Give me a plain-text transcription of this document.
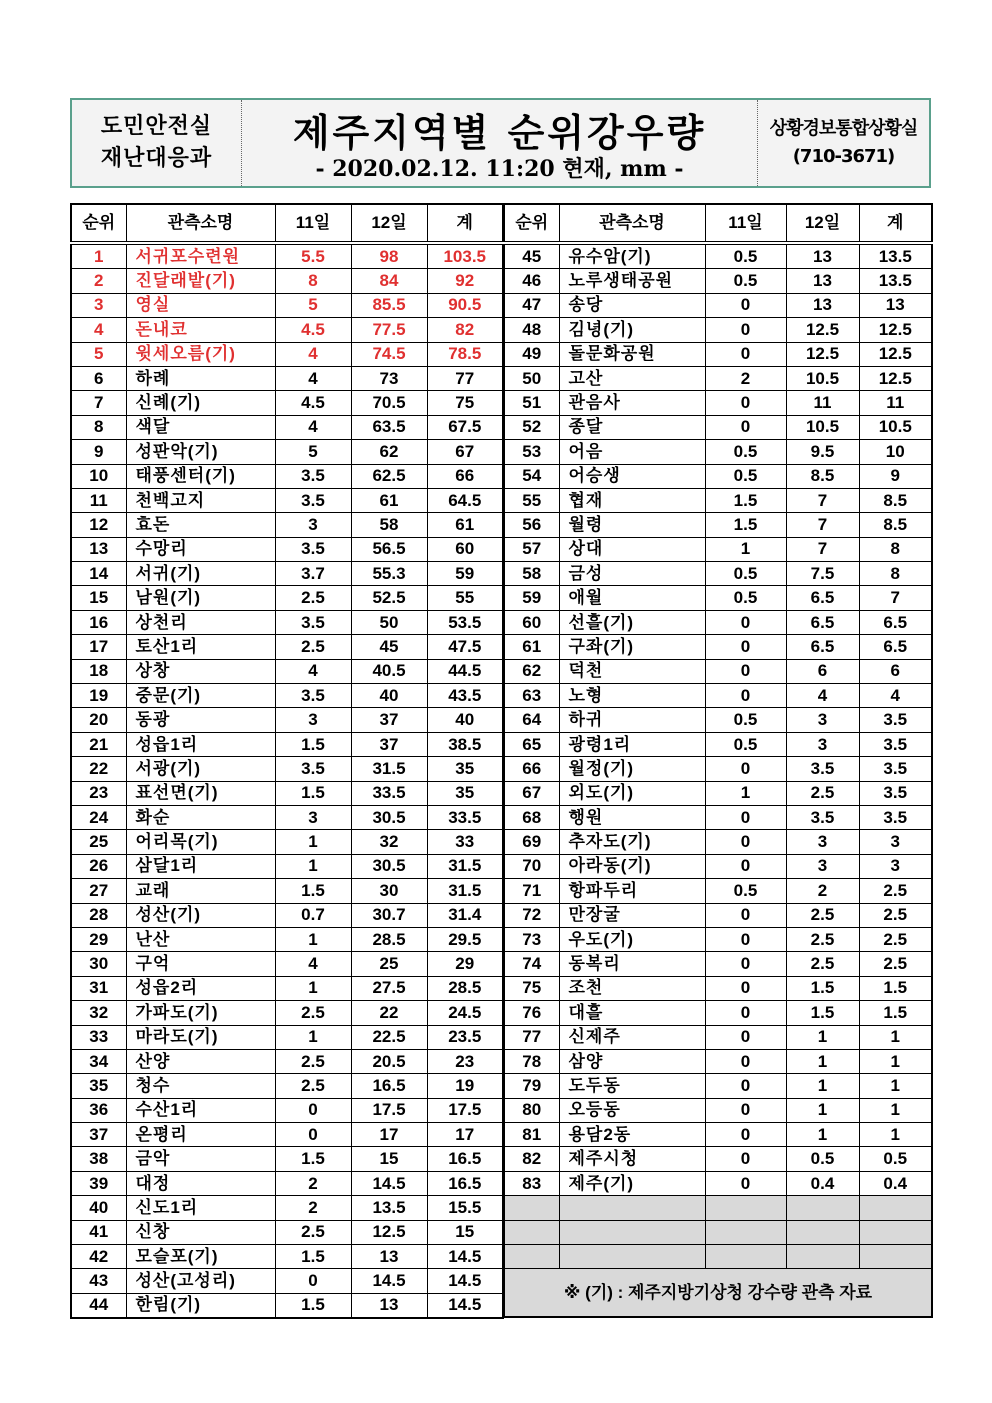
도민안전실
재난대응과
제주지역별 순위강우량
- 2020.02.12. 11:20 현재, mm -
상황경보통합상황실
(710-3671)
순위	관측소명	11일	12일	계
1	서귀포수련원	5.5	98	103.5
2	진달래밭(기)	8	84	92
3	영실	5	85.5	90.5
4	돈내코	4.5	77.5	82
5	윗세오름(기)	4	74.5	78.5
6	하례	4	73	77
7	신례(기)	4.5	70.5	75
8	색달	4	63.5	67.5
9	성판악(기)	5	62	67
10	태풍센터(기)	3.5	62.5	66
11	천백고지	3.5	61	64.5
12	효돈	3	58	61
13	수망리	3.5	56.5	60
14	서귀(기)	3.7	55.3	59
15	남원(기)	2.5	52.5	55
16	상천리	3.5	50	53.5
17	토산1리	2.5	45	47.5
18	상창	4	40.5	44.5
19	중문(기)	3.5	40	43.5
20	동광	3	37	40
21	성읍1리	1.5	37	38.5
22	서광(기)	3.5	31.5	35
23	표선면(기)	1.5	33.5	35
24	화순	3	30.5	33.5
25	어리목(기)	1	32	33
26	삼달1리	1	30.5	31.5
27	교래	1.5	30	31.5
28	성산(기)	0.7	30.7	31.4
29	난산	1	28.5	29.5
30	구억	4	25	29
31	성읍2리	1	27.5	28.5
32	가파도(기)	2.5	22	24.5
33	마라도(기)	1	22.5	23.5
34	산양	2.5	20.5	23
35	청수	2.5	16.5	19
36	수산1리	0	17.5	17.5
37	온평리	0	17	17
38	금악	1.5	15	16.5
39	대정	2	14.5	16.5
40	신도1리	2	13.5	15.5
41	신창	2.5	12.5	15
42	모슬포(기)	1.5	13	14.5
43	성산(고성리)	0	14.5	14.5
44	한림(기)	1.5	13	14.5
순위	관측소명	11일	12일	계
45	유수암(기)	0.5	13	13.5
46	노루생태공원	0.5	13	13.5
47	송당	0	13	13
48	김녕(기)	0	12.5	12.5
49	돌문화공원	0	12.5	12.5
50	고산	2	10.5	12.5
51	관음사	0	11	11
52	종달	0	10.5	10.5
53	어음	0.5	9.5	10
54	어승생	0.5	8.5	9
55	협재	1.5	7	8.5
56	월령	1.5	7	8.5
57	상대	1	7	8
58	금성	0.5	7.5	8
59	애월	0.5	6.5	7
60	선흘(기)	0	6.5	6.5
61	구좌(기)	0	6.5	6.5
62	덕천	0	6	6
63	노형	0	4	4
64	하귀	0.5	3	3.5
65	광령1리	0.5	3	3.5
66	월정(기)	0	3.5	3.5
67	외도(기)	1	2.5	3.5
68	행원	0	3.5	3.5
69	추자도(기)	0	3	3
70	아라동(기)	0	3	3
71	항파두리	0.5	2	2.5
72	만장굴	0	2.5	2.5
73	우도(기)	0	2.5	2.5
74	동복리	0	2.5	2.5
75	조천	0	1.5	1.5
76	대흘	0	1.5	1.5
77	신제주	0	1	1
78	삼양	0	1	1
79	도두동	0	1	1
80	오등동	0	1	1
81	용담2동	0	1	1
82	제주시청	0	0.5	0.5
83	제주(기)	0	0.4	0.4

※ (기) : 제주지방기상청 강수량 관측 자료				
